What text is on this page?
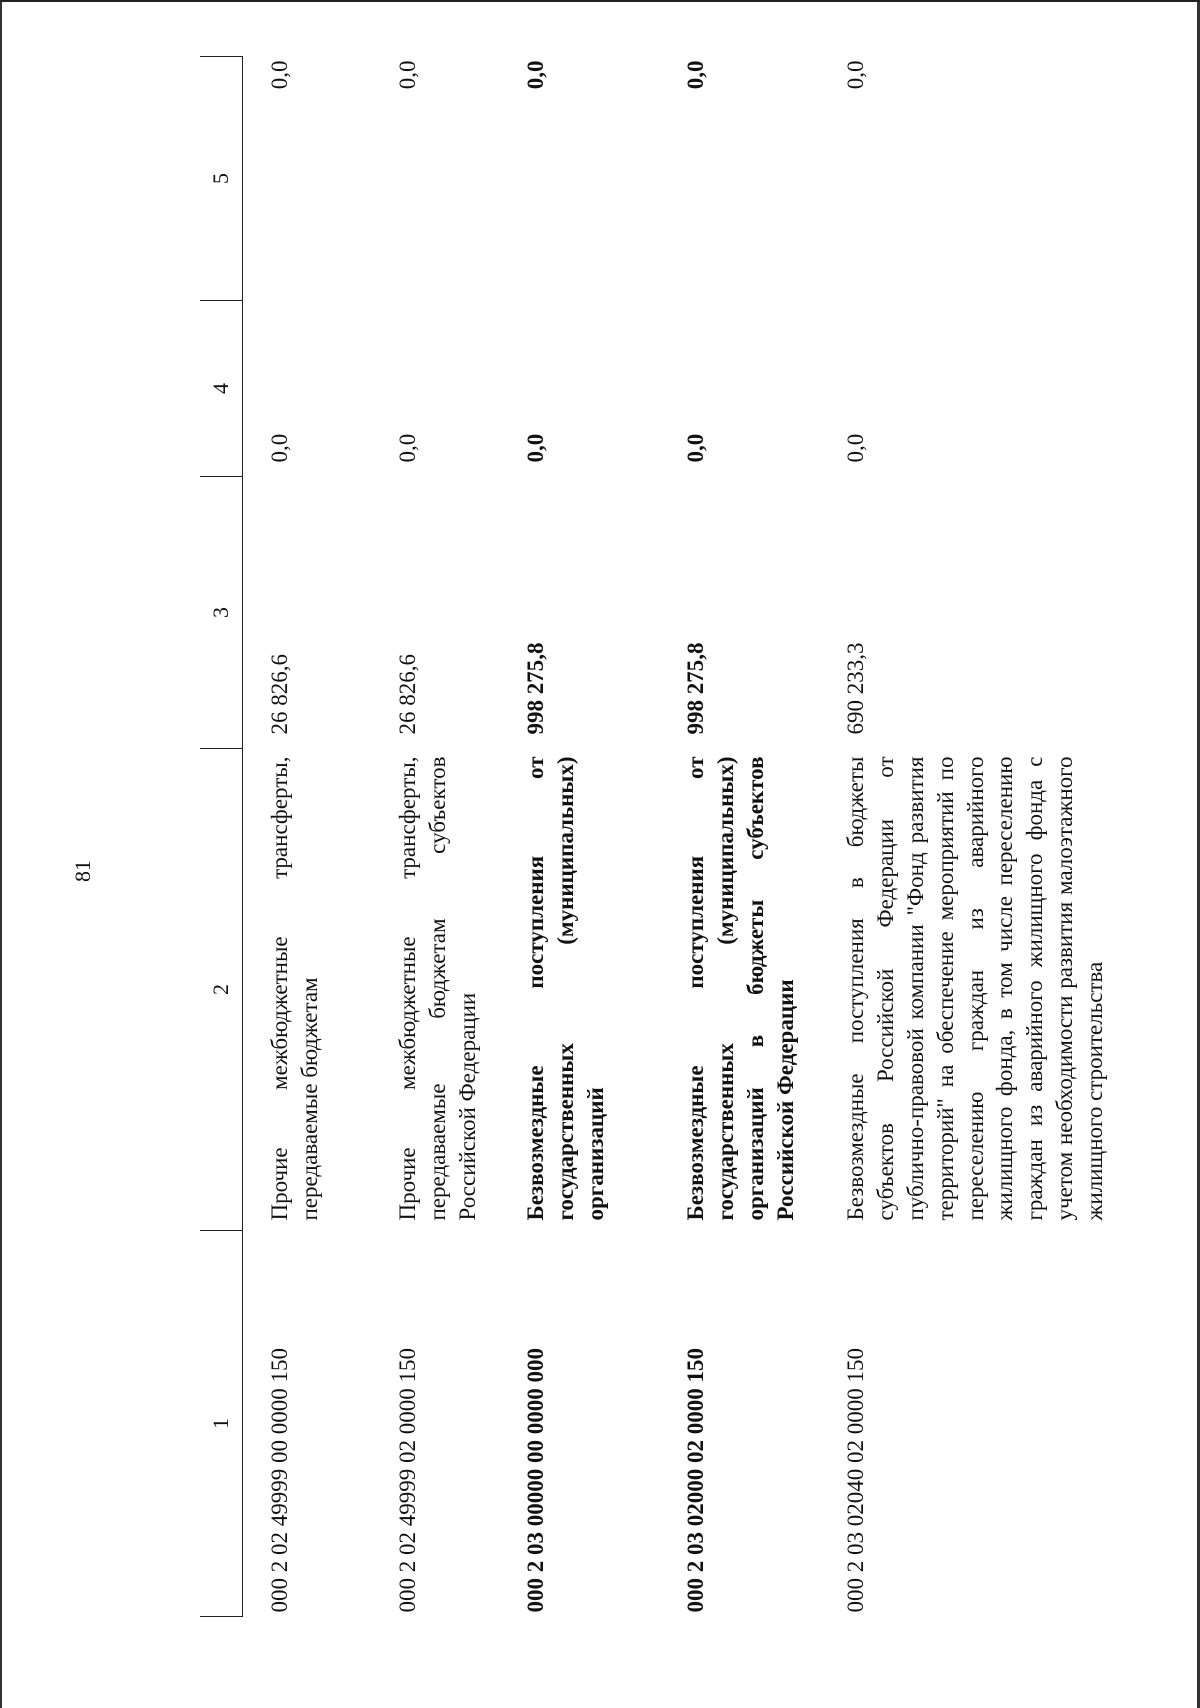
81
1	2	3	4	5
000 2 02 49999 00 0000 150	Прочие межбюджетные трансферты, передаваемые бюджетам	26 826,6	0,0	0,0
000 2 02 49999 02 0000 150	Прочие межбюджетные трансферты, передаваемые бюджетам субъектов Российской Федерации	26 826,6	0,0	0,0
000 2 03 00000 00 0000 000	Безвозмездные поступления от государственных (муниципальных) организаций	998 275,8	0,0	0,0
000 2 03 02000 02 0000 150	Безвозмездные поступления от государственных (муниципальных) организаций в бюджеты субъектов Российской Федерации	998 275,8	0,0	0,0
000 2 03 02040 02 0000 150	Безвозмездные поступления в бюджеты субъектов Российской Федерации от публично-правовой компании "Фонд развития территорий" на обеспечение мероприятий по переселению граждан из аварийного жилищного фонда, в том числе переселению граждан из аварийного жилищного фонда с учетом необходимости развития малоэтажного жилищного строительства	690 233,3	0,0	0,0
